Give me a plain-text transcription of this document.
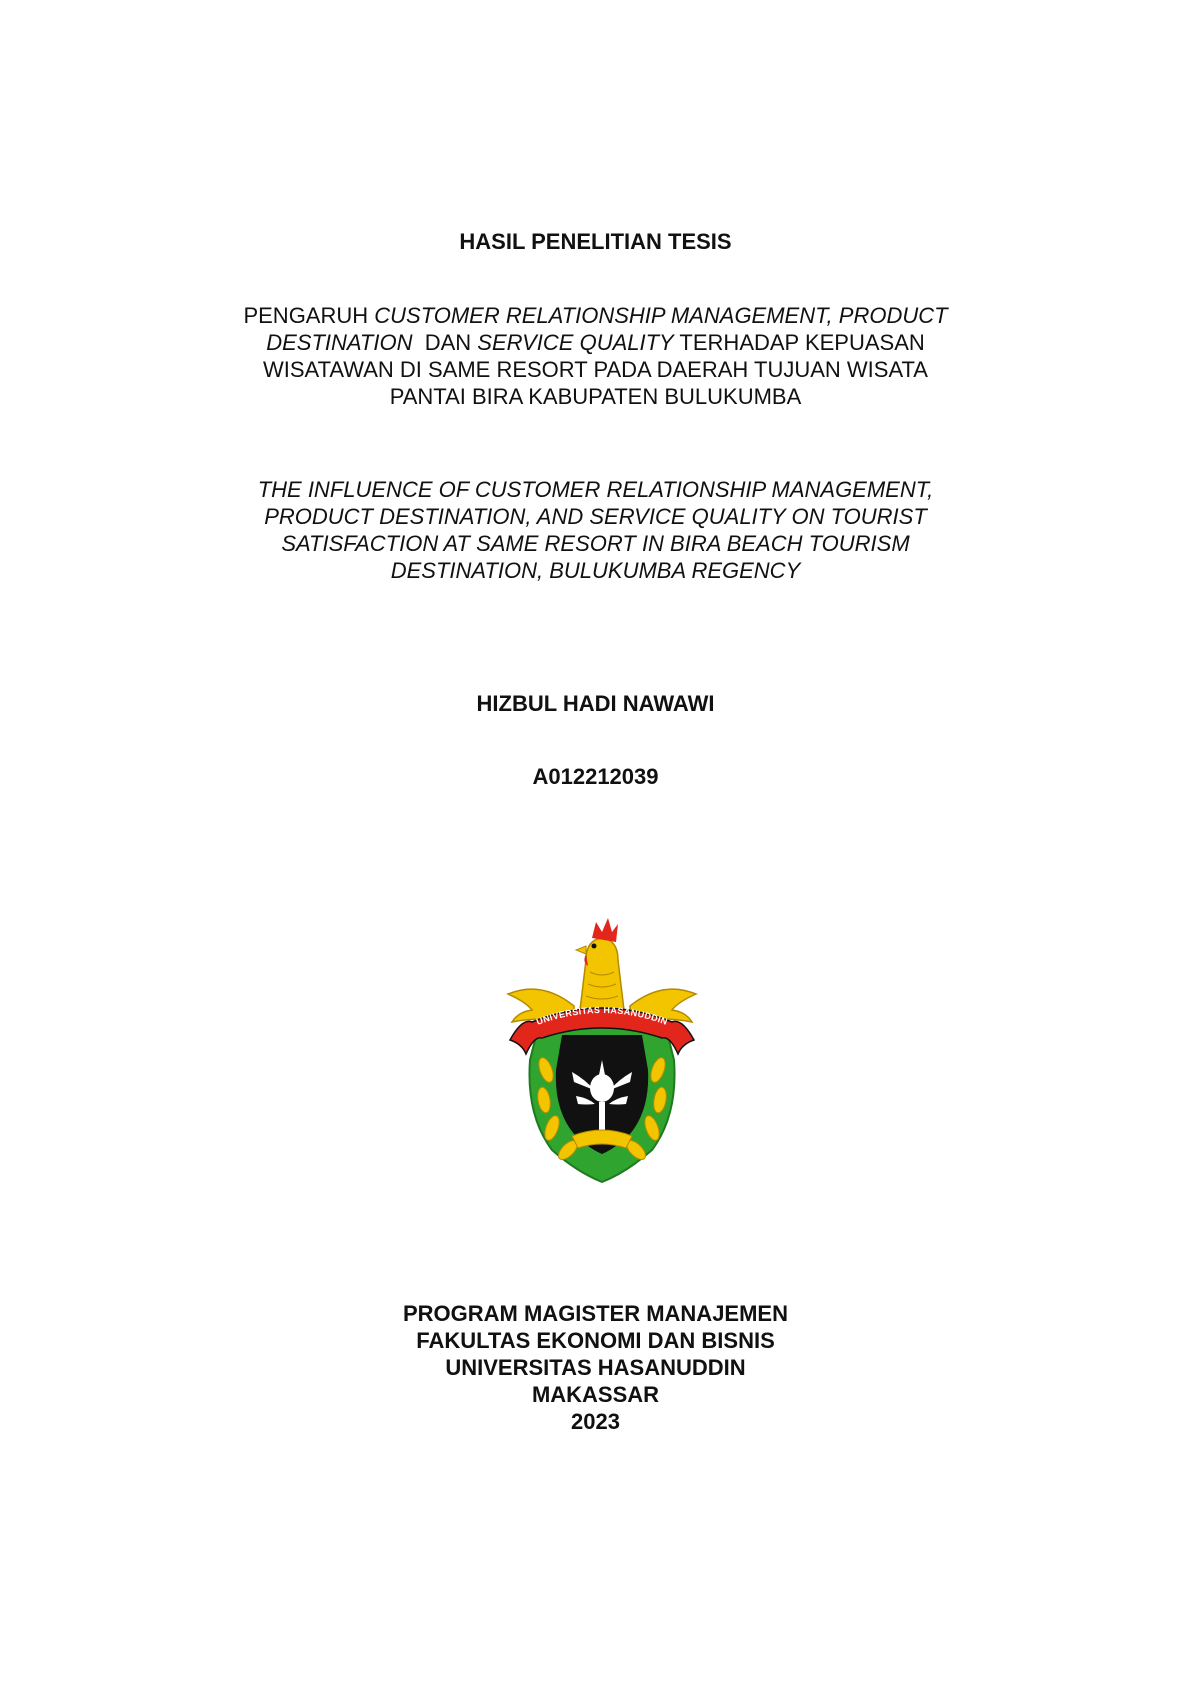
HASIL PENELITIAN TESIS
PENGARUH CUSTOMER RELATIONSHIP MANAGEMENT, PRODUCT
DESTINATION  DAN SERVICE QUALITY TERHADAP KEPUASAN
WISATAWAN DI SAME RESORT PADA DAERAH TUJUAN WISATA
PANTAI BIRA KABUPATEN BULUKUMBA
THE INFLUENCE OF CUSTOMER RELATIONSHIP MANAGEMENT,
PRODUCT DESTINATION, AND SERVICE QUALITY ON TOURIST
SATISFACTION AT SAME RESORT IN BIRA BEACH TOURISM
DESTINATION, BULUKUMBA REGENCY
HIZBUL HADI NAWAWI
A012212039
UNIVERSITAS HASANUDDIN
PROGRAM MAGISTER MANAJEMEN
FAKULTAS EKONOMI DAN BISNIS
UNIVERSITAS HASANUDDIN
MAKASSAR
2023
